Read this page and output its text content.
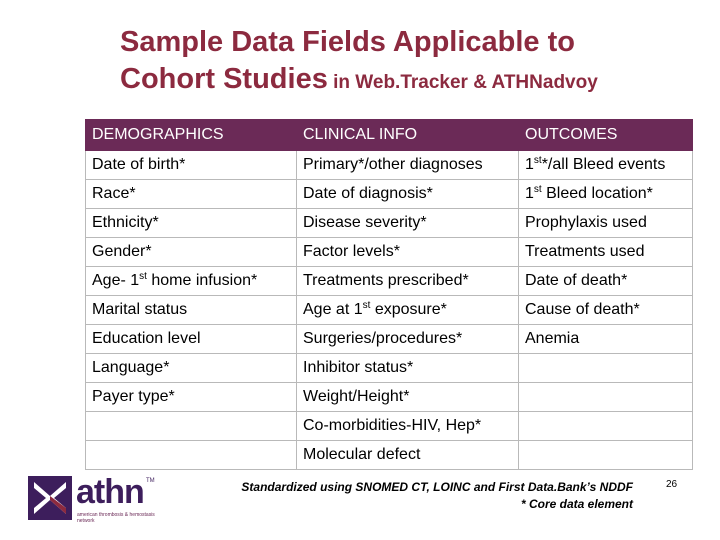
Sample Data Fields Applicable to
Cohort Studies in Web.Tracker & ATHNadvoy
DEMOGRAPHICS	CLINICAL INFO	OUTCOMES
Date of birth*	Primary*/other diagnoses	1st*/all Bleed events
Race*	Date of diagnosis*	1st Bleed location*
Ethnicity*	Disease severity*	Prophylaxis used
Gender*	Factor levels*	Treatments used
Age- 1st home infusion*	Treatments prescribed*	Date of death*
Marital status	Age at 1st exposure*	Cause of death*
Education level	Surgeries/procedures*	Anemia
Language*	Inhibitor status*	
Payer type*	Weight/Height*	
	Co-morbidities-HIV, Hep*	
	Molecular defect	
athn TM
american thrombosis & hemostasis network
Standardized using SNOMED CT, LOINC and First Data.Bank’s NDDF
* Core data element
26
